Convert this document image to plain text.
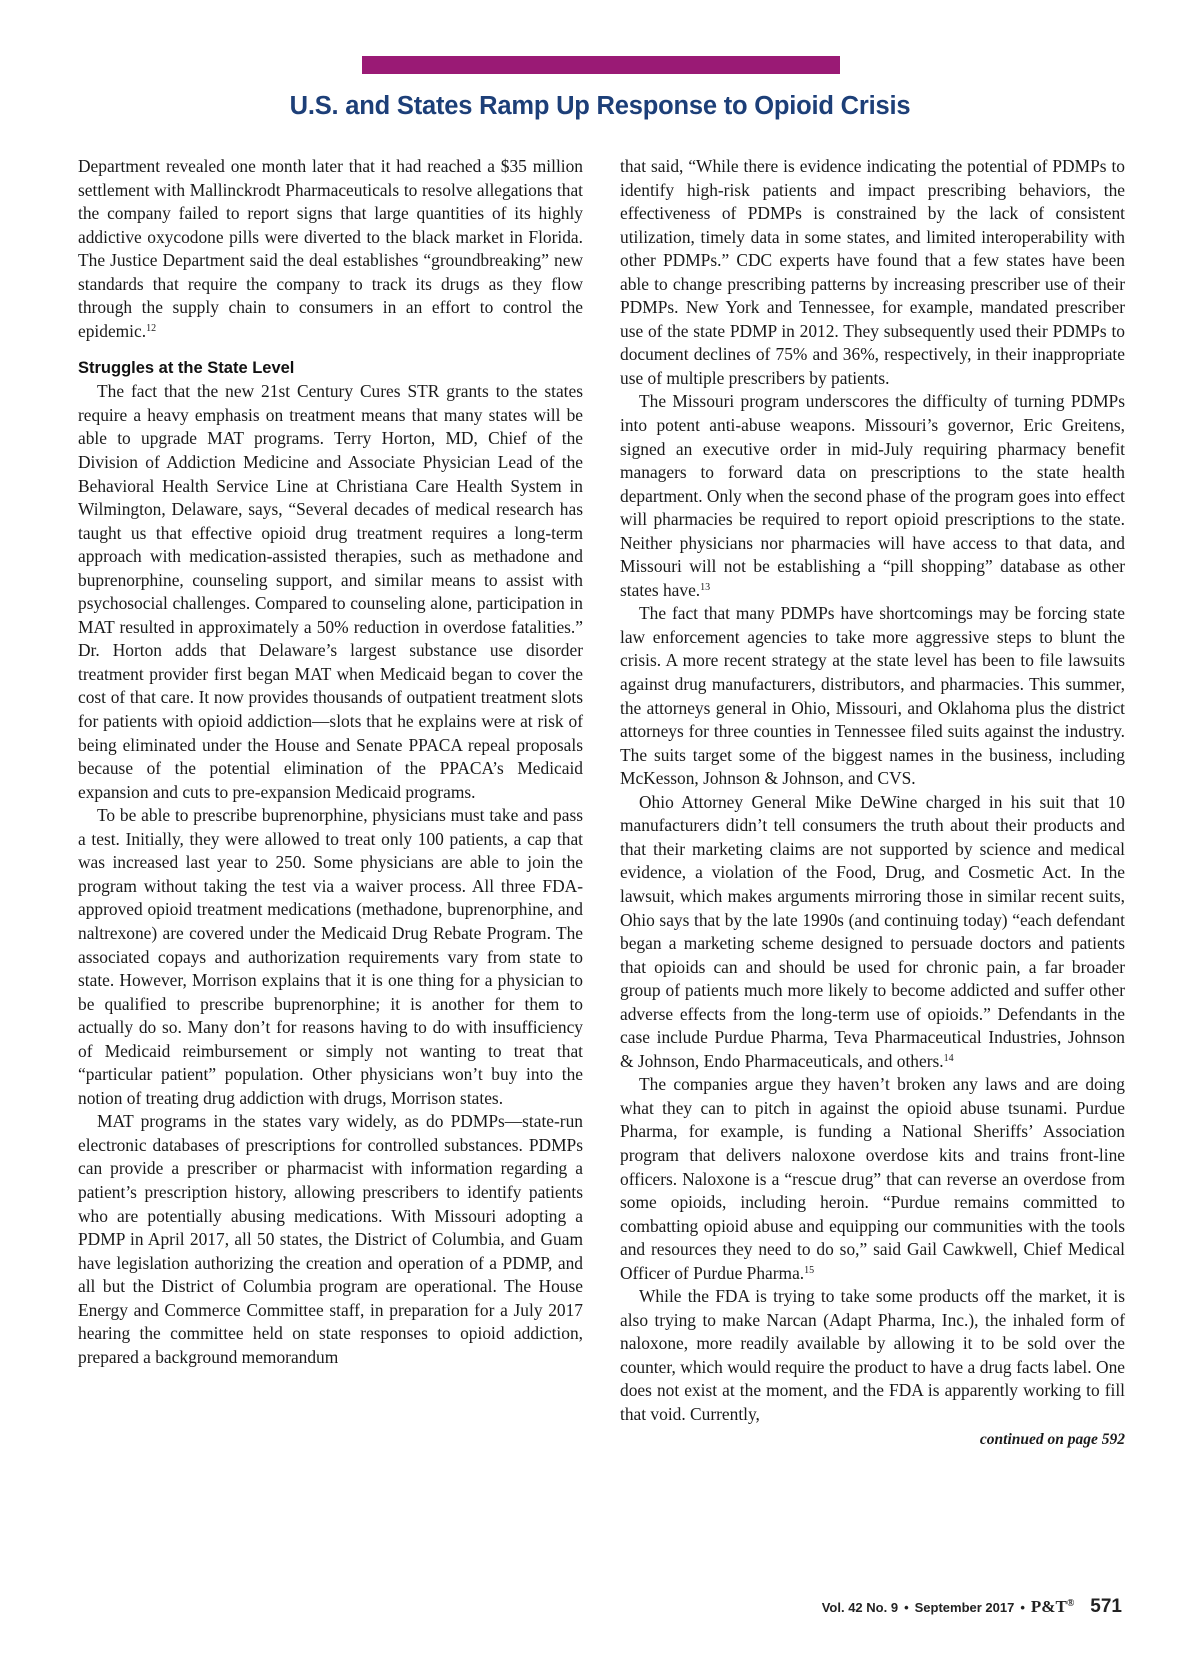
U.S. and States Ramp Up Response to Opioid Crisis

Department revealed one month later that it had reached a $35 million settlement with Mallinckrodt Pharmaceuticals to resolve allegations that the company failed to report signs that large quantities of its highly addictive oxycodone pills were diverted to the black market in Florida. The Justice Department said the deal establishes “groundbreaking” new standards that require the company to track its drugs as they flow through the supply chain to consumers in an effort to control the epidemic.$^{12}$

Struggles at the State Level

The fact that the new 21st Century Cures STR grants to the states require a heavy emphasis on treatment means that many states will be able to upgrade MAT programs. Terry Horton, MD, Chief of the Division of Addiction Medicine and Associate Physician Lead of the Behavioral Health Service Line at Christiana Care Health System in Wilmington, Delaware, says, “Several decades of medical research has taught us that effective opioid drug treatment requires a long-term approach with medication-assisted therapies, such as methadone and buprenorphine, counseling support, and similar means to assist with psychosocial challenges. Compared to counseling alone, participation in MAT resulted in approximately a 50% reduction in overdose fatalities.” Dr. Horton adds that Delaware’s largest substance use disorder treatment provider first began MAT when Medicaid began to cover the cost of that care. It now provides thousands of outpatient treatment slots for patients with opioid addiction—slots that he explains were at risk of being eliminated under the House and Senate PPACA repeal proposals because of the potential elimination of the PPACA’s Medicaid expansion and cuts to pre-expansion Medicaid programs.

To be able to prescribe buprenorphine, physicians must take and pass a test. Initially, they were allowed to treat only 100 patients, a cap that was increased last year to 250. Some physicians are able to join the program without taking the test via a waiver process. All three FDA-approved opioid treatment medications (methadone, buprenorphine, and naltrexone) are covered under the Medicaid Drug Rebate Program. The associated copays and authorization requirements vary from state to state. However, Morrison explains that it is one thing for a physician to be qualified to prescribe buprenorphine; it is another for them to actually do so. Many don’t for reasons having to do with insufficiency of Medicaid reimbursement or simply not wanting to treat that “particular patient” population. Other physicians won’t buy into the notion of treating drug addiction with drugs, Morrison states.

MAT programs in the states vary widely, as do PDMPs—state-run electronic databases of prescriptions for controlled substances. PDMPs can provide a prescriber or pharmacist with information regarding a patient’s prescription history, allowing prescribers to identify patients who are potentially abusing medications. With Missouri adopting a PDMP in April 2017, all 50 states, the District of Columbia, and Guam have legislation authorizing the creation and operation of a PDMP, and all but the District of Columbia program are operational. The House Energy and Commerce Committee staff, in preparation for a July 2017 hearing the committee held on state responses to opioid addiction, prepared a background memorandum

that said, “While there is evidence indicating the potential of PDMPs to identify high-risk patients and impact prescribing behaviors, the effectiveness of PDMPs is constrained by the lack of consistent utilization, timely data in some states, and limited interoperability with other PDMPs.” CDC experts have found that a few states have been able to change prescribing patterns by increasing prescriber use of their PDMPs. New York and Tennessee, for example, mandated prescriber use of the state PDMP in 2012. They subsequently used their PDMPs to document declines of 75% and 36%, respectively, in their inappropriate use of multiple prescribers by patients.

The Missouri program underscores the difficulty of turning PDMPs into potent anti-abuse weapons. Missouri’s governor, Eric Greitens, signed an executive order in mid-July requiring pharmacy benefit managers to forward data on prescriptions to the state health department. Only when the second phase of the program goes into effect will pharmacies be required to report opioid prescriptions to the state. Neither physicians nor pharmacies will have access to that data, and Missouri will not be establishing a “pill shopping” database as other states have.$^{13}$

The fact that many PDMPs have shortcomings may be forcing state law enforcement agencies to take more aggressive steps to blunt the crisis. A more recent strategy at the state level has been to file lawsuits against drug manufacturers, distributors, and pharmacies. This summer, the attorneys general in Ohio, Missouri, and Oklahoma plus the district attorneys for three counties in Tennessee filed suits against the industry. The suits target some of the biggest names in the business, including McKesson, Johnson & Johnson, and CVS.

Ohio Attorney General Mike DeWine charged in his suit that 10 manufacturers didn’t tell consumers the truth about their products and that their marketing claims are not supported by science and medical evidence, a violation of the Food, Drug, and Cosmetic Act. In the lawsuit, which makes arguments mirroring those in similar recent suits, Ohio says that by the late 1990s (and continuing today) “each defendant began a marketing scheme designed to persuade doctors and patients that opioids can and should be used for chronic pain, a far broader group of patients much more likely to become addicted and suffer other adverse effects from the long-term use of opioids.” Defendants in the case include Purdue Pharma, Teva Pharmaceutical Industries, Johnson & Johnson, Endo Pharmaceuticals, and others.$^{14}$

The companies argue they haven’t broken any laws and are doing what they can to pitch in against the opioid abuse tsunami. Purdue Pharma, for example, is funding a National Sheriffs’ Association program that delivers naloxone overdose kits and trains front-line officers. Naloxone is a “rescue drug” that can reverse an overdose from some opioids, including heroin. “Purdue remains committed to combatting opioid abuse and equipping our communities with the tools and resources they need to do so,” said Gail Cawkwell, Chief Medical Officer of Purdue Pharma.$^{15}$

While the FDA is trying to take some products off the market, it is also trying to make Narcan (Adapt Pharma, Inc.), the inhaled form of naloxone, more readily available by allowing it to be sold over the counter, which would require the product to have a drug facts label. One does not exist at the moment, and the FDA is apparently working to fill that void. Currently,

continued on page 592
Vol. 42 No. 9 • September 2017 • P&T® 571
